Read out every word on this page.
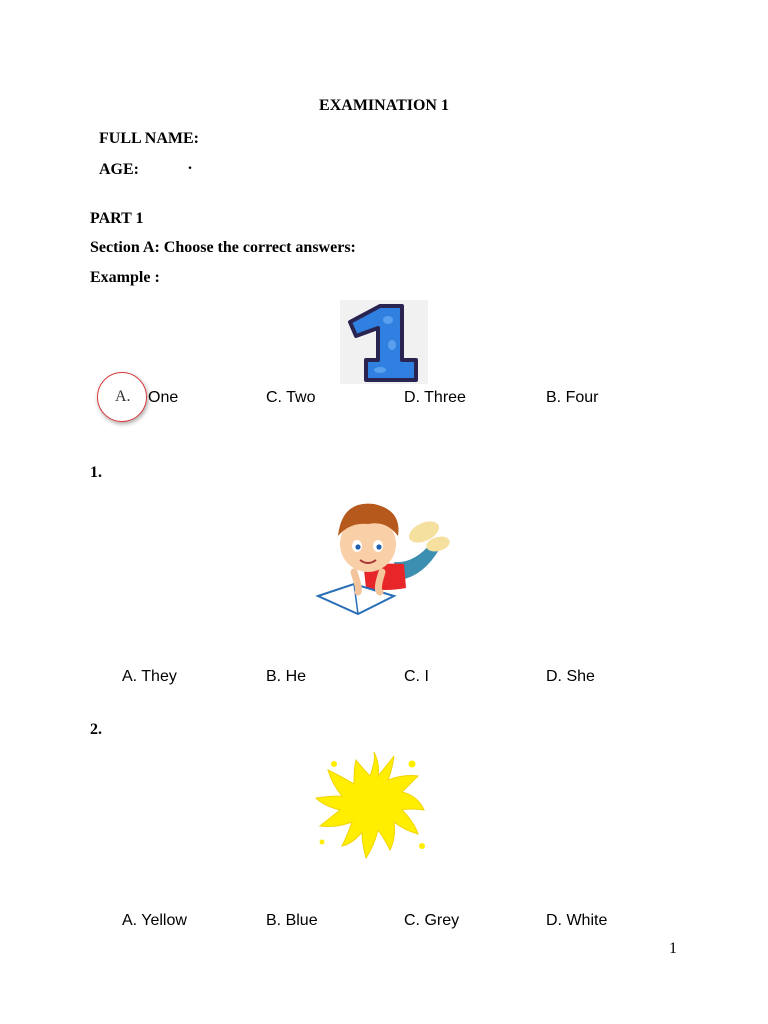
EXAMINATION 1
FULL NAME:
AGE:	.
PART 1
Section A: Choose the correct answers:
Example :
A. One	C. Two	D. Three	B. Four
1.
A. They	B. He	C. I	D. She
2.
A. Yellow	B. Blue	C. Grey	D. White
1
